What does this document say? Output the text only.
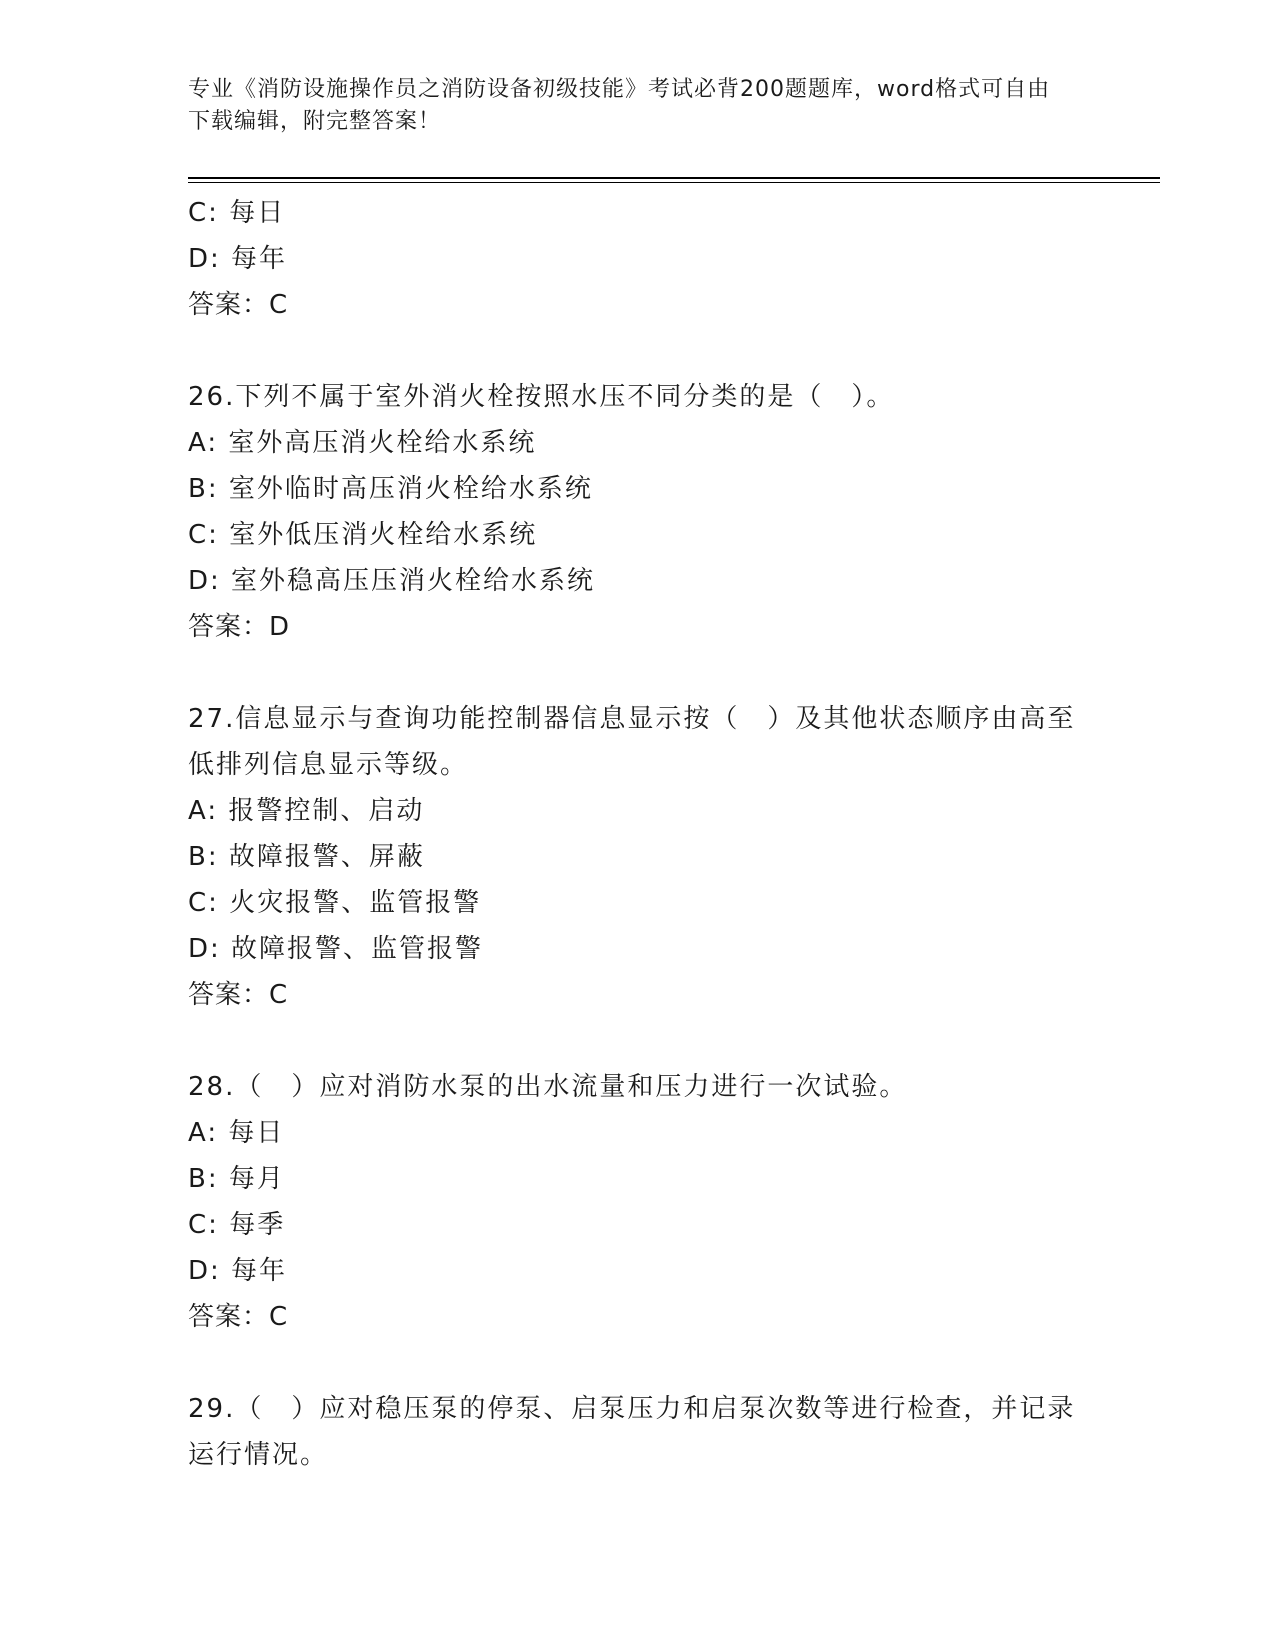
专业《消防设施操作员之消防设备初级技能》考试必背200题题库，word格式可自由下载编辑，附完整答案！

C: 每日

D: 每年

答案：C

26.下列不属于室外消火栓按照水压不同分类的是（　）。

A: 室外高压消火栓给水系统

B: 室外临时高压消火栓给水系统

C: 室外低压消火栓给水系统

D: 室外稳高压压消火栓给水系统

答案：D

27.信息显示与查询功能控制器信息显示按（　）及其他状态顺序由高至低排列信息显示等级。

A: 报警控制、启动

B: 故障报警、屏蔽

C: 火灾报警、监管报警

D: 故障报警、监管报警

答案：C

28.（　）应对消防水泵的出水流量和压力进行一次试验。

A: 每日

B: 每月

C: 每季

D: 每年

答案：C

29.（　）应对稳压泵的停泵、启泵压力和启泵次数等进行检查，并记录运行情况。
